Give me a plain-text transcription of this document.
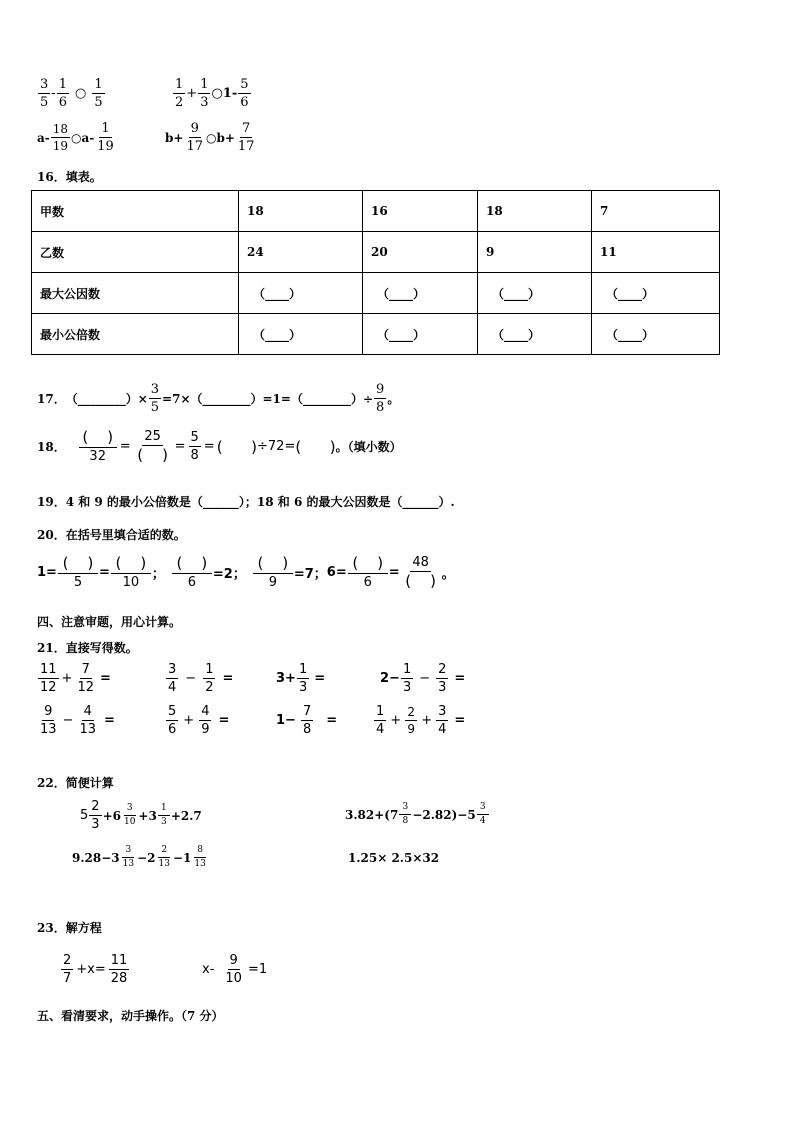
$\frac{3}{5} - \frac{1}{6}$ ○ $\frac{1}{5}$	$\frac{1}{2} + \frac{1}{3}$ ○1- $\frac{5}{6}$
$a- \frac{18}{19}$ ○a- $\frac{1}{19}$	$b+ \frac{9}{17}$ ○b+ $\frac{7}{17}$
16．填表。
甲数	18	16	18	7
乙数	24	20	9	11
最大公因数	（____）	（____）	（____）	（____）
最小公倍数	（____）	（____）	（____）	（____）
17． （________）× $\frac{3}{5}$ =7×（________）=1=（________）÷ $\frac{9}{8}$ 。
18． $\frac{( )}{32} = \frac{25}{( )} = \frac{5}{8}$ = (      ) ÷72= (      ) 。（填小数）
19．4 和 9 的最小公倍数是（______）；18 和 6 的最大公因数是（______）.
20．在括号里填合适的数。
$1= \frac{( )}{5} = \frac{( )}{10}$ ； $\frac{( )}{6} =2$； $\frac{( )}{9} =7$； $6= \frac{( )}{6} = \frac{48}{( )}$ 。
四、注意审题，用心计算。
21．直接写得数。
$\frac{11}{12} + \frac{7}{12}$ =	$\frac{3}{4} - \frac{1}{2}$ =	$3+ \frac{1}{3}$ =	$2- \frac{1}{3} - \frac{2}{3}$ =
$\frac{9}{13} - \frac{4}{13}$ =	$\frac{5}{6} + \frac{4}{9}$ =	$1- \frac{7}{8}$ =	$\frac{1}{4} + \frac{2}{9} + \frac{3}{4}$ =
22．简便计算
$5 \frac{2}{3} +6 \frac{3}{10} +3 \frac{1}{3} +2.7$	$3.82+(7 \frac{3}{8} -2.82)-5 \frac{3}{4}$
$9.28-3 \frac{3}{13} -2 \frac{2}{13} -1 \frac{8}{13}$	1.25× 2.5×32
23．解方程
$\frac{2}{7} +x= \frac{11}{28}$	$x- \frac{9}{10} =1$
五、看清要求，动手操作。（7 分）
